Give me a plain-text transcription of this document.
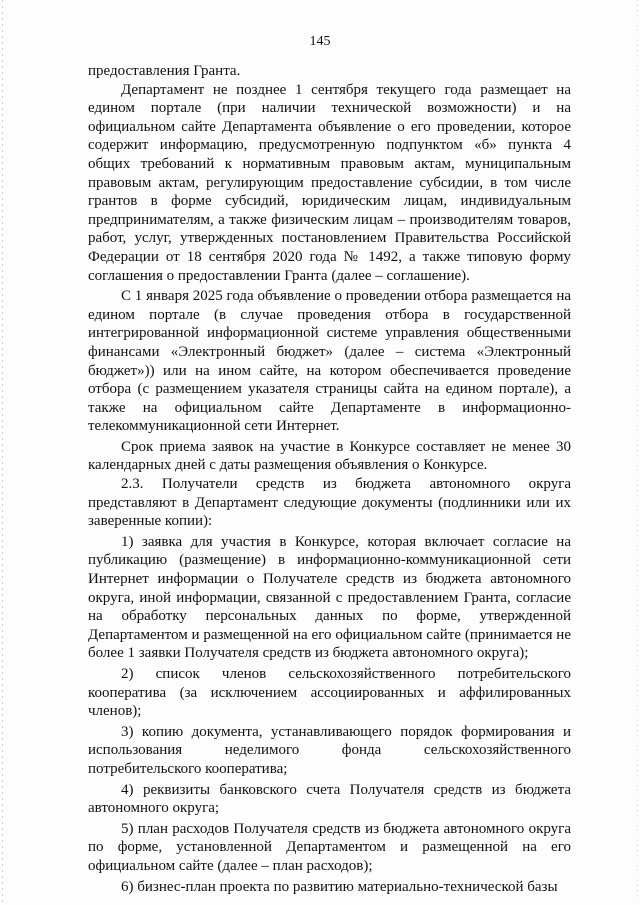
145

предоставления Гранта.

Департамент не позднее 1 сентября текущего года размещает на едином портале (при наличии технической возможности) и на официальном сайте Департамента объявление о его проведении, которое содержит информацию, предусмотренную подпунктом «б» пункта 4 общих требований к нормативным правовым актам, муниципальным правовым актам, регулирующим предоставление субсидии, в том числе грантов в форме субсидий, юридическим лицам, индивидуальным предпринимателям, а также физическим лицам – производителям товаров, работ, услуг, утвержденных постановлением Правительства Российской Федерации от 18 сентября 2020 года № 1492, а также типовую форму соглашения о предоставлении Гранта (далее – соглашение).

С 1 января 2025 года объявление о проведении отбора размещается на едином портале (в случае проведения отбора в государственной интегрированной информационной системе управления общественными финансами «Электронный бюджет» (далее – система «Электронный бюджет»)) или на ином сайте, на котором обеспечивается проведение отбора (с размещением указателя страницы сайта на едином портале), а также на официальном сайте Департаменте в информационно-телекоммуникационной сети Интернет.

Срок приема заявок на участие в Конкурсе составляет не менее 30 календарных дней с даты размещения объявления о Конкурсе.

2.3. Получатели средств из бюджета автономного округа представляют в Департамент следующие документы (подлинники или их заверенные копии):

1) заявка для участия в Конкурсе, которая включает согласие на публикацию (размещение) в информационно-коммуникационной сети Интернет информации о Получателе средств из бюджета автономного округа, иной информации, связанной с предоставлением Гранта, согласие на обработку персональных данных по форме, утвержденной Департаментом и размещенной на его официальном сайте (принимается не более 1 заявки Получателя средств из бюджета автономного округа);

2) список членов сельскохозяйственного потребительского кооператива (за исключением ассоциированных и аффилированных членов);

3) копию документа, устанавливающего порядок формирования и использования неделимого фонда сельскохозяйственного потребительского кооператива;

4) реквизиты банковского счета Получателя средств из бюджета автономного округа;

5) план расходов Получателя средств из бюджета автономного округа по форме, установленной Департаментом и размещенной на его официальном сайте (далее – план расходов);

6) бизнес-план проекта по развитию материально-технической базы
